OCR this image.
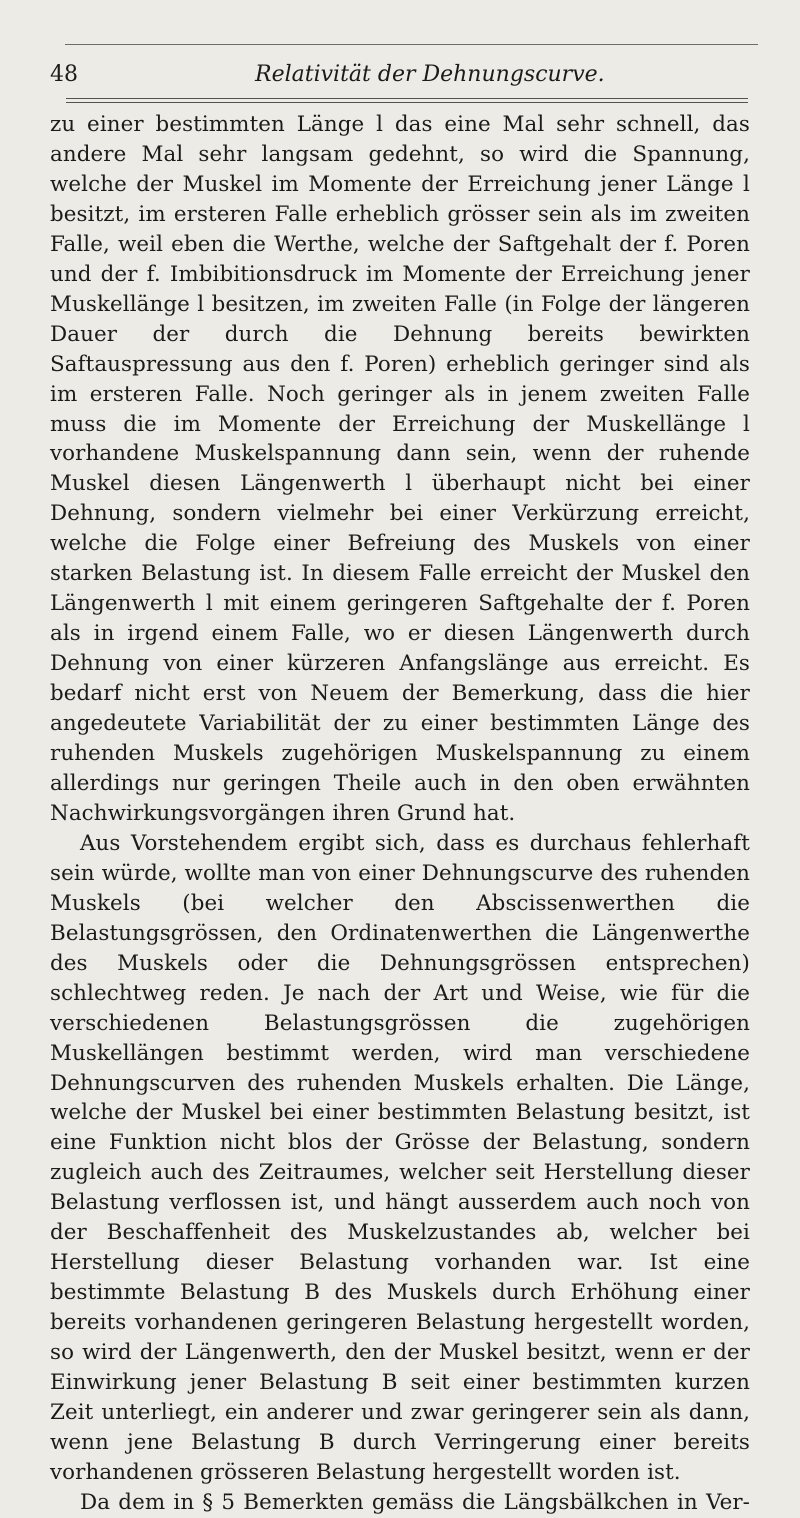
48	Relativität der Dehnungscurve.

zu einer bestimmten Länge l das eine Mal sehr schnell, das andere Mal sehr langsam gedehnt, so wird die Spannung, welche der Muskel im Momente der Erreichung jener Länge l besitzt, im ersteren Falle erheblich grösser sein als im zweiten Falle, weil eben die Werthe, welche der Saftgehalt der f. Poren und der f. Imbibitionsdruck im Momente der Erreichung jener Muskellänge l besitzen, im zweiten Falle (in Folge der längeren Dauer der durch die Dehnung bereits bewirkten Saftauspressung aus den f. Poren) erheblich geringer sind als im ersteren Falle. Noch geringer als in jenem zweiten Falle muss die im Momente der Erreichung der Muskellänge l vorhandene Muskelspannung dann sein, wenn der ruhende Muskel diesen Längenwerth l überhaupt nicht bei einer Dehnung, sondern vielmehr bei einer Verkürzung erreicht, welche die Folge einer Befreiung des Muskels von einer starken Belastung ist. In diesem Falle erreicht der Muskel den Längenwerth l mit einem geringeren Saftgehalte der f. Poren als in irgend einem Falle, wo er diesen Längenwerth durch Dehnung von einer kürzeren Anfangslänge aus erreicht. Es bedarf nicht erst von Neuem der Bemerkung, dass die hier angedeutete Variabilität der zu einer bestimmten Länge des ruhenden Muskels zugehörigen Muskelspannung zu einem allerdings nur geringen Theile auch in den oben erwähnten Nachwirkungsvorgängen ihren Grund hat.

Aus Vorstehendem ergibt sich, dass es durchaus fehlerhaft sein würde, wollte man von einer Dehnungscurve des ruhenden Muskels (bei welcher den Abscissenwerthen die Belastungsgrössen, den Ordinatenwerthen die Längenwerthe des Muskels oder die Dehnungsgrössen entsprechen) schlechtweg reden. Je nach der Art und Weise, wie für die verschiedenen Belastungsgrössen die zugehörigen Muskellängen bestimmt werden, wird man verschiedene Dehnungscurven des ruhenden Muskels erhalten. Die Länge, welche der Muskel bei einer bestimmten Belastung besitzt, ist eine Funktion nicht blos der Grösse der Belastung, sondern zugleich auch des Zeitraumes, welcher seit Herstellung dieser Belastung verflossen ist, und hängt ausserdem auch noch von der Beschaffenheit des Muskelzustandes ab, welcher bei Herstellung dieser Belastung vorhanden war. Ist eine bestimmte Belastung B des Muskels durch Erhöhung einer bereits vorhandenen geringeren Belastung hergestellt worden, so wird der Längenwerth, den der Muskel besitzt, wenn er der Einwirkung jener Belastung B seit einer bestimmten kurzen Zeit unterliegt, ein anderer und zwar geringerer sein als dann, wenn jene Belastung B durch Verringerung einer bereits vorhandenen grösseren Belastung hergestellt worden ist.

Da dem in § 5 Bemerkten gemäss die Längsbälkchen in Ver-
